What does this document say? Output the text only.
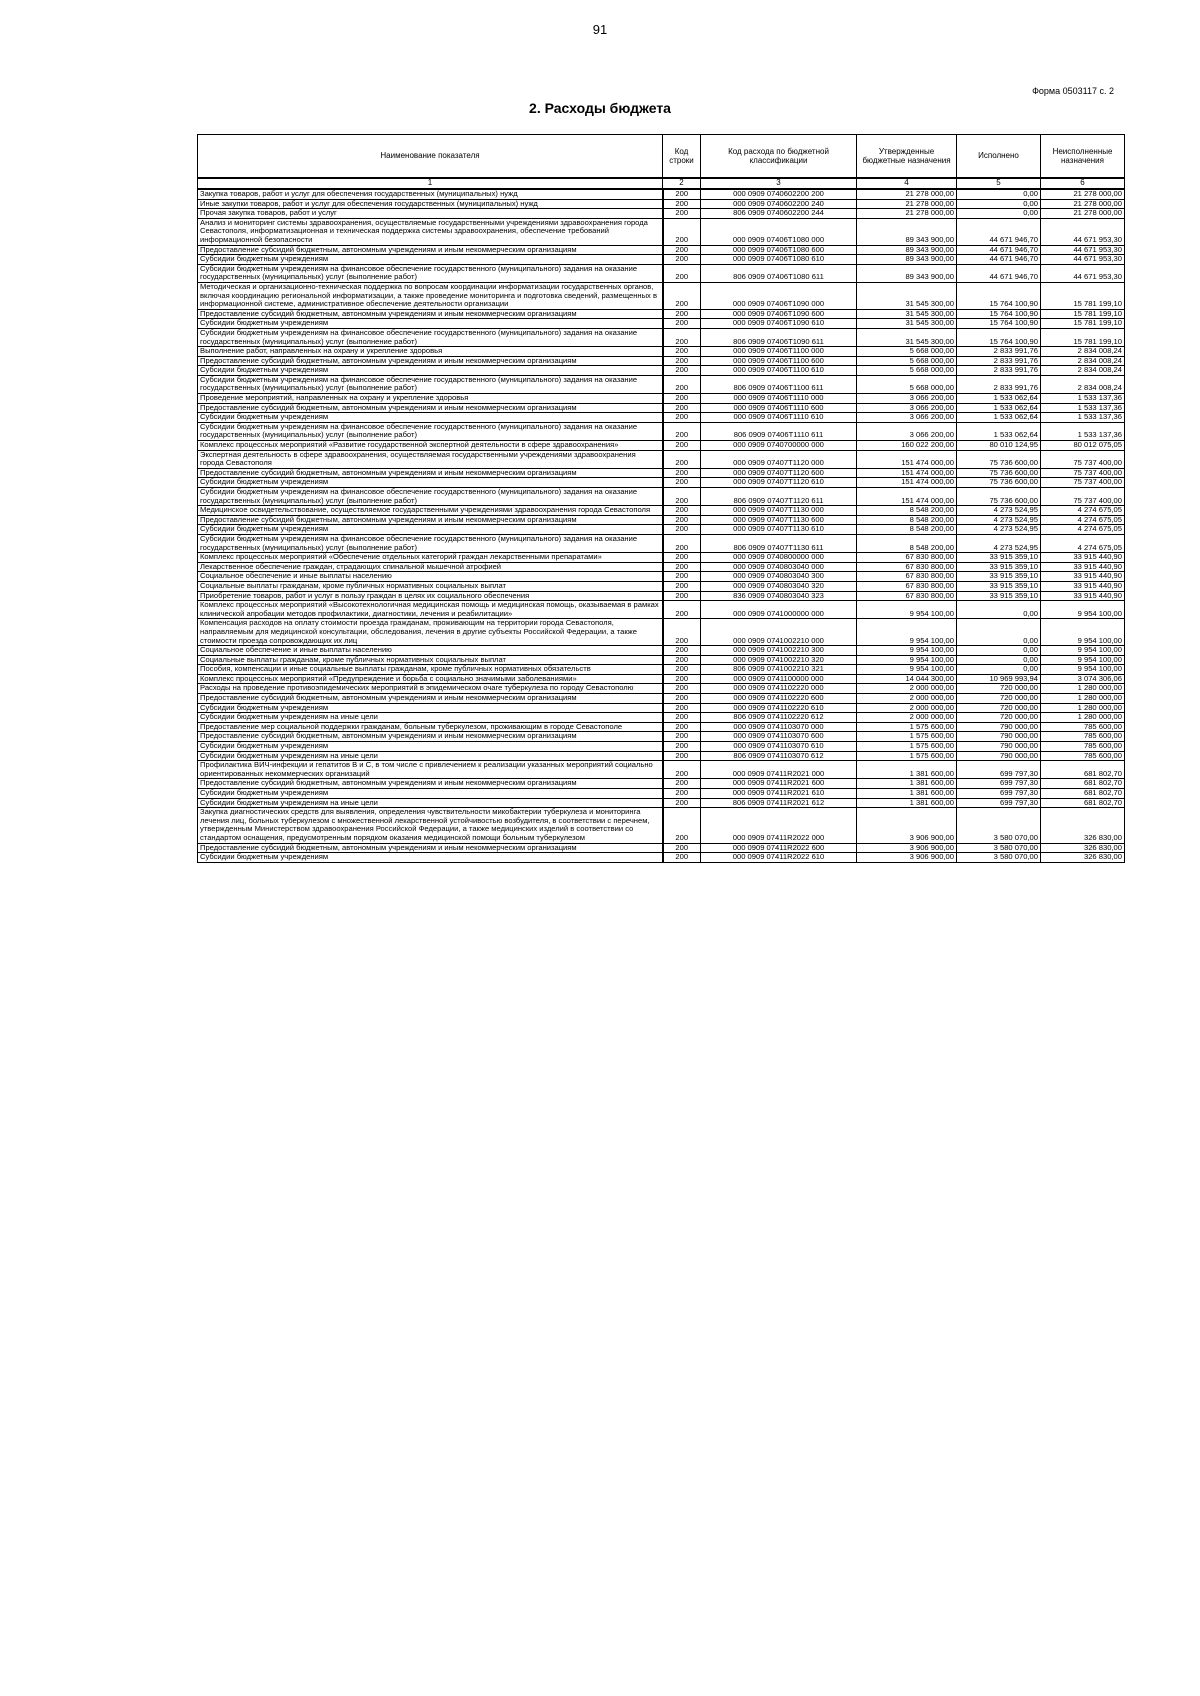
91
Форма 0503117 с. 2
2. Расходы бюджета
Наименование показателя	Код строки	Код расхода по бюджетной классификации	Утвержденные бюджетные назначения	Исполнено	Неисполненные назначения
1	2	3	4	5	6
Закупка товаров, работ и услуг для обеспечения государственных (муниципальных) нужд	200	000 0909 0740602200 200	21 278 000,00	0,00	21 278 000,00
Иные закупки товаров, работ и услуг для обеспечения государственных (муниципальных) нужд	200	000 0909 0740602200 240	21 278 000,00	0,00	21 278 000,00
Прочая закупка товаров, работ и услуг	200	806 0909 0740602200 244	21 278 000,00	0,00	21 278 000,00
Анализ и мониторинг системы здравоохранения, осуществляемые государственными учреждениями здравоохранения города Севастополя, информатизационная и техническая поддержка системы здравоохранения, обеспечение требований информационной безопасности	200	000 0909 07406Т1080 000	89 343 900,00	44 671 946,70	44 671 953,30
Предоставление субсидий бюджетным, автономным учреждениям и иным некоммерческим организациям	200	000 0909 07406Т1080 600	89 343 900,00	44 671 946,70	44 671 953,30
Субсидии бюджетным учреждениям	200	000 0909 07406Т1080 610	89 343 900,00	44 671 946,70	44 671 953,30
Субсидии бюджетным учреждениям на финансовое обеспечение государственного (муниципального) задания на оказание государственных (муниципальных) услуг (выполнение работ)	200	806 0909 07406Т1080 611	89 343 900,00	44 671 946,70	44 671 953,30
Методическая и организационно-техническая поддержка по вопросам координации информатизации государственных органов, включая координацию региональной информатизации, а также проведение мониторинга и подготовка сведений, размещенных в информационной системе, административное обеспечение деятельности организации	200	000 0909 07406Т1090 000	31 545 300,00	15 764 100,90	15 781 199,10
Предоставление субсидий бюджетным, автономным учреждениям и иным некоммерческим организациям	200	000 0909 07406Т1090 600	31 545 300,00	15 764 100,90	15 781 199,10
Субсидии бюджетным учреждениям	200	000 0909 07406Т1090 610	31 545 300,00	15 764 100,90	15 781 199,10
Субсидии бюджетным учреждениям на финансовое обеспечение государственного (муниципального) задания на оказание государственных (муниципальных) услуг (выполнение работ)	200	806 0909 07406Т1090 611	31 545 300,00	15 764 100,90	15 781 199,10
Выполнение работ, направленных на охрану и укрепление здоровья	200	000 0909 07406Т1100 000	5 668 000,00	2 833 991,76	2 834 008,24
Предоставление субсидий бюджетным, автономным учреждениям и иным некоммерческим организациям	200	000 0909 07406Т1100 600	5 668 000,00	2 833 991,76	2 834 008,24
Субсидии бюджетным учреждениям	200	000 0909 07406Т1100 610	5 668 000,00	2 833 991,76	2 834 008,24
Субсидии бюджетным учреждениям на финансовое обеспечение государственного (муниципального) задания на оказание государственных (муниципальных) услуг (выполнение работ)	200	806 0909 07406Т1100 611	5 668 000,00	2 833 991,76	2 834 008,24
Проведение мероприятий, направленных на охрану и укрепление здоровья	200	000 0909 07406Т1110 000	3 066 200,00	1 533 062,64	1 533 137,36
Предоставление субсидий бюджетным, автономным учреждениям и иным некоммерческим организациям	200	000 0909 07406Т1110 600	3 066 200,00	1 533 062,64	1 533 137,36
Субсидии бюджетным учреждениям	200	000 0909 07406Т1110 610	3 066 200,00	1 533 062,64	1 533 137,36
Субсидии бюджетным учреждениям на финансовое обеспечение государственного (муниципального) задания на оказание государственных (муниципальных) услуг (выполнение работ)	200	806 0909 07406Т1110 611	3 066 200,00	1 533 062,64	1 533 137,36
Комплекс процессных мероприятий «Развитие государственной экспертной деятельности в сфере здравоохранения»	200	000 0909 0740700000 000	160 022 200,00	80 010 124,95	80 012 075,05
Экспертная деятельность в сфере здравоохранения, осуществляемая государственными учреждениями здравоохранения города Севастополя	200	000 0909 07407Т1120 000	151 474 000,00	75 736 600,00	75 737 400,00
Предоставление субсидий бюджетным, автономным учреждениям и иным некоммерческим организациям	200	000 0909 07407Т1120 600	151 474 000,00	75 736 600,00	75 737 400,00
Субсидии бюджетным учреждениям	200	000 0909 07407Т1120 610	151 474 000,00	75 736 600,00	75 737 400,00
Субсидии бюджетным учреждениям на финансовое обеспечение государственного (муниципального) задания на оказание государственных (муниципальных) услуг (выполнение работ)	200	806 0909 07407Т1120 611	151 474 000,00	75 736 600,00	75 737 400,00
Медицинское освидетельствование, осуществляемое государственными учреждениями здравоохранения города Севастополя	200	000 0909 07407Т1130 000	8 548 200,00	4 273 524,95	4 274 675,05
Предоставление субсидий бюджетным, автономным учреждениям и иным некоммерческим организациям	200	000 0909 07407Т1130 600	8 548 200,00	4 273 524,95	4 274 675,05
Субсидии бюджетным учреждениям	200	000 0909 07407Т1130 610	8 548 200,00	4 273 524,95	4 274 675,05
Субсидии бюджетным учреждениям на финансовое обеспечение государственного (муниципального) задания на оказание государственных (муниципальных) услуг (выполнение работ)	200	806 0909 07407Т1130 611	8 548 200,00	4 273 524,95	4 274 675,05
Комплекс процессных мероприятий «Обеспечение отдельных категорий граждан лекарственными препаратами»	200	000 0909 0740800000 000	67 830 800,00	33 915 359,10	33 915 440,90
Лекарственное обеспечение граждан, страдающих спинальной мышечной атрофией	200	000 0909 0740803040 000	67 830 800,00	33 915 359,10	33 915 440,90
Социальное обеспечение и иные выплаты населению	200	000 0909 0740803040 300	67 830 800,00	33 915 359,10	33 915 440,90
Социальные выплаты гражданам, кроме публичных нормативных социальных выплат	200	000 0909 0740803040 320	67 830 800,00	33 915 359,10	33 915 440,90
Приобретение товаров, работ и услуг в пользу граждан в целях их социального обеспечения	200	836 0909 0740803040 323	67 830 800,00	33 915 359,10	33 915 440,90
Комплекс процессных мероприятий «Высокотехнологичная медицинская помощь и медицинская помощь, оказываемая в рамках клинической апробации методов профилактики, диагностики, лечения и реабилитации»	200	000 0909 0741000000 000	9 954 100,00	0,00	9 954 100,00
Компенсация расходов на оплату стоимости проезда гражданам, проживающим на территории города Севастополя, направляемым для медицинской консультации, обследования, лечения в другие субъекты Российской Федерации, а также стоимости проезда сопровождающих их лиц	200	000 0909 0741002210 000	9 954 100,00	0,00	9 954 100,00
Социальное обеспечение и иные выплаты населению	200	000 0909 0741002210 300	9 954 100,00	0,00	9 954 100,00
Социальные выплаты гражданам, кроме публичных нормативных социальных выплат	200	000 0909 0741002210 320	9 954 100,00	0,00	9 954 100,00
Пособия, компенсации и иные социальные выплаты гражданам, кроме публичных нормативных обязательств	200	806 0909 0741002210 321	9 954 100,00	0,00	9 954 100,00
Комплекс процессных мероприятий «Предупреждение и борьба с социально значимыми заболеваниями»	200	000 0909 0741100000 000	14 044 300,00	10 969 993,94	3 074 306,06
Расходы на проведение противоэпидемических мероприятий в эпидемическом очаге туберкулеза по городу Севастополю	200	000 0909 0741102220 000	2 000 000,00	720 000,00	1 280 000,00
Предоставление субсидий бюджетным, автономным учреждениям и иным некоммерческим организациям	200	000 0909 0741102220 600	2 000 000,00	720 000,00	1 280 000,00
Субсидии бюджетным учреждениям	200	000 0909 0741102220 610	2 000 000,00	720 000,00	1 280 000,00
Субсидии бюджетным учреждениям на иные цели	200	806 0909 0741102220 612	2 000 000,00	720 000,00	1 280 000,00
Предоставление мер социальной поддержки гражданам, больным туберкулезом, проживающим в городе Севастополе	200	000 0909 0741103070 000	1 575 600,00	790 000,00	785 600,00
Предоставление субсидий бюджетным, автономным учреждениям и иным некоммерческим организациям	200	000 0909 0741103070 600	1 575 600,00	790 000,00	785 600,00
Субсидии бюджетным учреждениям	200	000 0909 0741103070 610	1 575 600,00	790 000,00	785 600,00
Субсидии бюджетным учреждениям на иные цели	200	806 0909 0741103070 612	1 575 600,00	790 000,00	785 600,00
Профилактика ВИЧ-инфекции и гепатитов В и С, в том числе с привлечением к реализации указанных мероприятий социально ориентированных некоммерческих организаций	200	000 0909 07411R2021 000	1 381 600,00	699 797,30	681 802,70
Предоставление субсидий бюджетным, автономным учреждениям и иным некоммерческим организациям	200	000 0909 07411R2021 600	1 381 600,00	699 797,30	681 802,70
Субсидии бюджетным учреждениям	200	000 0909 07411R2021 610	1 381 600,00	699 797,30	681 802,70
Субсидии бюджетным учреждениям на иные цели	200	806 0909 07411R2021 612	1 381 600,00	699 797,30	681 802,70
Закупка диагностических средств для выявления, определения чувствительности микобактерии туберкулеза и мониторинга лечения лиц, больных туберкулезом с множественной лекарственной устойчивостью возбудителя, в соответствии с перечнем, утвержденным Министерством здравоохранения Российской Федерации, а также медицинских изделий в соответствии со стандартом оснащения, предусмотренным порядком оказания медицинской помощи больным туберкулезом	200	000 0909 07411R2022 000	3 906 900,00	3 580 070,00	326 830,00
Предоставление субсидий бюджетным, автономным учреждениям и иным некоммерческим организациям	200	000 0909 07411R2022 600	3 906 900,00	3 580 070,00	326 830,00
Субсидии бюджетным учреждениям	200	000 0909 07411R2022 610	3 906 900,00	3 580 070,00	326 830,00
